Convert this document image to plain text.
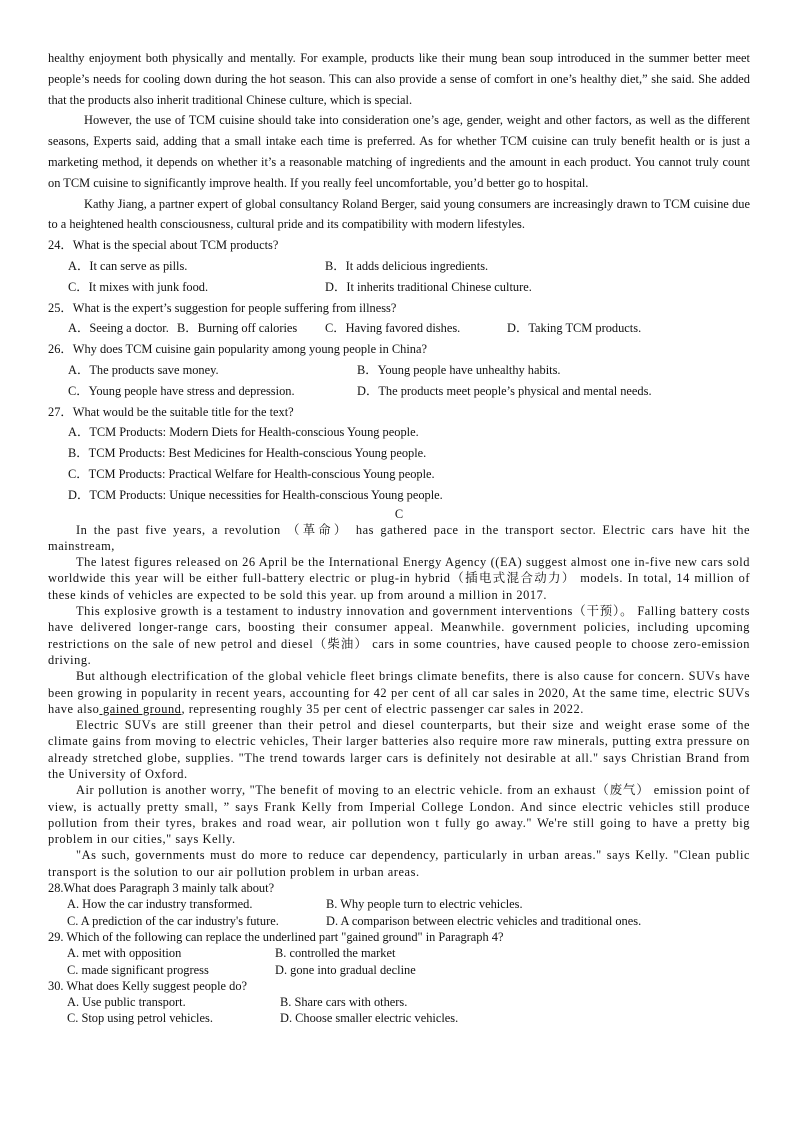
healthy enjoyment both physically and mentally. For example, products like their mung bean soup introduced in the summer better meet people’s needs for cooling down during the hot season. This can also provide a sense of comfort in one’s healthy diet,” she said. She added that the products also inherit traditional Chinese culture, which is special.

However, the use of TCM cuisine should take into consideration one’s age, gender, weight and other factors, as well as the different seasons, Experts said, adding that a small intake each time is preferred. As for whether TCM cuisine can truly benefit health or is just a marketing method, it depends on whether it’s a reasonable matching of ingredients and the amount in each product. You cannot truly count on TCM cuisine to significantly improve health. If you really feel uncomfortable, you’d better go to hospital.

Kathy Jiang, a partner expert of global consultancy Roland Berger, said young consumers are increasingly drawn to TCM cuisine due to a heightened health consciousness, cultural pride and its compatibility with modern lifestyles.

24．What is the special about TCM products?

A．It can serve as pills.	B．It adds delicious ingredients.
C．It mixes with junk food.	D．It inherits traditional Chinese culture.

25．What is the expert’s suggestion for people suffering from illness?

A．Seeing a doctor. B．Burning off calories	C．Having favored dishes.	D．Taking TCM products.

26．Why does TCM cuisine gain popularity among young people in China?

A．The products save money.	B．Young people have unhealthy habits.
C．Young people have stress and depression.	D．The products meet people’s physical and mental needs.

27．What would be the suitable title for the text?

A．TCM Products: Modern Diets for Health-conscious Young people.
B．TCM Products: Best Medicines for Health-conscious Young people.
C．TCM Products: Practical Welfare for Health-conscious Young people.
D．TCM Products: Unique necessities for Health-conscious Young people.

C

In the past five years, a revolution （革命） has gathered pace in the transport sector. Electric cars have hit the mainstream,

The latest figures released on 26 April be the International Energy Agency ((EA) suggest almost one in-five new cars sold worldwide this year will be either full-battery electric or plug-in hybrid（插电式混合动力） models. In total, 14 million of these kinds of vehicles are expected to be sold this year. up from around a million in 2017.

This explosive growth is a testament to industry innovation and government interventions（干预）。 Falling battery costs have delivered longer-range cars, boosting their consumer appeal. Meanwhile. government policies, including upcoming restrictions on the sale of new petrol and diesel（柴油） cars in some countries, have caused people to choose zero-emission driving.

But although electrification of the global vehicle fleet brings climate benefits, there is also cause for concern. SUVs have been growing in popularity in recent years, accounting for 42 per cent of all car sales in 2020, At the same time, electric SUVs have also gained ground, representing roughly 35 per cent of electric passenger car sales in 2022.

Electric SUVs are still greener than their petrol and diesel counterparts, but their size and weight erase some of the climate gains from moving to electric vehicles, Their larger batteries also require more raw minerals, putting extra pressure on already stretched globe, supplies. "The trend towards larger cars is definitely not desirable at all." says Christian Brand from the University of Oxford.

Air pollution is another worry, "The benefit of moving to an electric vehicle. from an exhaust（废气） emission point of view, is actually pretty small, ” says Frank Kelly from Imperial College London. And since electric vehicles still produce pollution from their tyres, brakes and road wear, air pollution won t fully go away." We're still going to have a pretty big problem in our cities," says Kelly.

"As such, governments must do more to reduce car dependency, particularly in urban areas." says Kelly. "Clean public transport is the solution to our air pollution problem in urban areas.

28.What does Paragraph 3 mainly talk about?

A. How the car industry transformed.	B. Why people turn to electric vehicles.
C. A prediction of the car industry's future.	D. A comparison between electric vehicles and traditional ones.

29. Which of the following can replace the underlined part "gained ground" in Paragraph 4?

A. met with opposition	B. controlled the market
C. made significant progress	D. gone into gradual decline

30. What does Kelly suggest people do?

A. Use public transport.	B. Share cars with others.
C. Stop using petrol vehicles.	D. Choose smaller electric vehicles.
